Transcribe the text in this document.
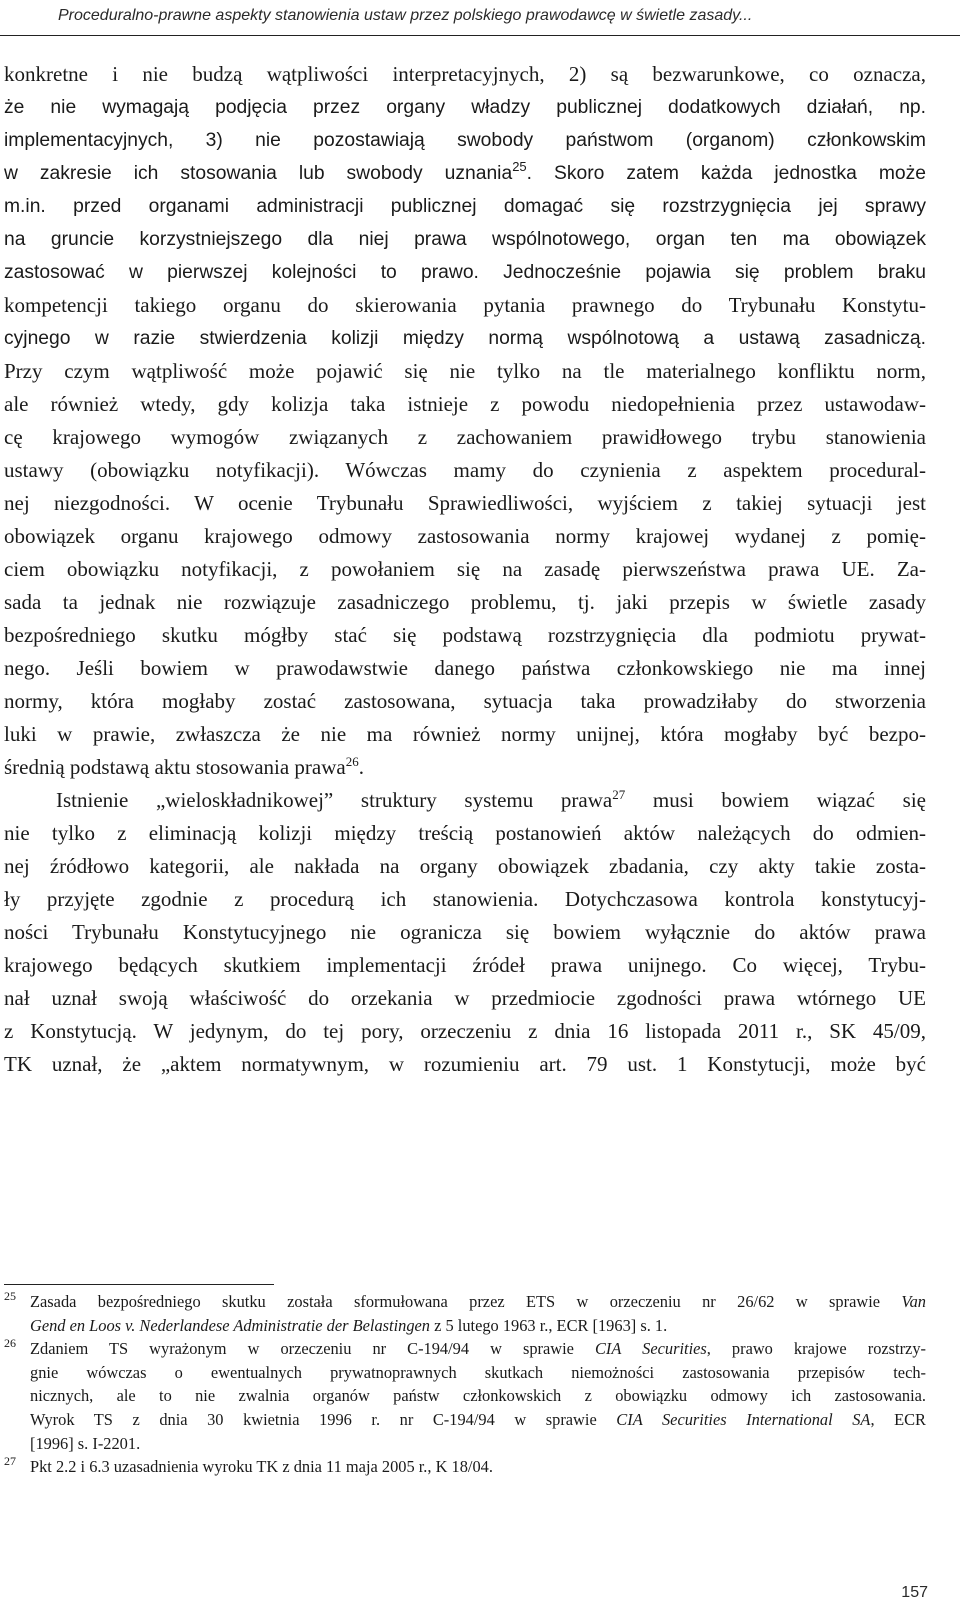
Proceduralno-prawne aspekty stanowienia ustaw przez polskiego prawodawcę w świetle zasady...
konkretne i nie budzą wątpliwości interpretacyjnych, 2) są bezwarunkowe, co oznacza,
że nie wymagają podjęcia przez organy władzy publicznej dodatkowych działań, np.
implementacyjnych, 3) nie pozostawiają swobody państwom (organom) członkowskim
w zakresie ich stosowania lub swobody uznania$^{25}$. Skoro zatem każda jednostka może
m.in. przed organami administracji publicznej domagać się rozstrzygnięcia jej sprawy
na gruncie korzystniejszego dla niej prawa wspólnotowego, organ ten ma obowiązek
zastosować w pierwszej kolejności to prawo. Jednocześnie pojawia się problem braku
kompetencji takiego organu do skierowania pytania prawnego do Trybunału Konstytu-
cyjnego w razie stwierdzenia kolizji między normą wspólnotową a ustawą zasadniczą.
Przy czym wątpliwość może pojawić się nie tylko na tle materialnego konfliktu norm,
ale również wtedy, gdy kolizja taka istnieje z powodu niedopełnienia przez ustawodaw-
cę krajowego wymogów związanych z zachowaniem prawidłowego trybu stanowienia
ustawy (obowiązku notyfikacji). Wówczas mamy do czynienia z aspektem procedural-
nej niezgodności. W ocenie Trybunału Sprawiedliwości, wyjściem z takiej sytuacji jest
obowiązek organu krajowego odmowy zastosowania normy krajowej wydanej z pomię-
ciem obowiązku notyfikacji, z powołaniem się na zasadę pierwszeństwa prawa UE. Za-
sada ta jednak nie rozwiązuje zasadniczego problemu, tj. jaki przepis w świetle zasady
bezpośredniego skutku mógłby stać się podstawą rozstrzygnięcia dla podmiotu prywat-
nego. Jeśli bowiem w prawodawstwie danego państwa członkowskiego nie ma innej
normy, która mogłaby zostać zastosowana, sytuacja taka prowadziłaby do stworzenia
luki w prawie, zwłaszcza że nie ma również normy unijnej, która mogłaby być bezpo-
średnią podstawą aktu stosowania prawa$^{26}$.
Istnienie „wieloskładnikowej” struktury systemu prawa$^{27}$ musi bowiem wiązać się
nie tylko z eliminacją kolizji między treścią postanowień aktów należących do odmien-
nej źródłowo kategorii, ale nakłada na organy obowiązek zbadania, czy akty takie zosta-
ły przyjęte zgodnie z procedurą ich stanowienia. Dotychczasowa kontrola konstytucyj-
ności Trybunału Konstytucyjnego nie ogranicza się bowiem wyłącznie do aktów prawa
krajowego będących skutkiem implementacji źródeł prawa unijnego. Co więcej, Trybu-
nał uznał swoją właściwość do orzekania w przedmiocie zgodności prawa wtórnego UE
z Konstytucją. W jedynym, do tej pory, orzeczeniu z dnia 16 listopada 2011 r., SK 45/09,
TK uznał, że „aktem normatywnym, w rozumieniu art. 79 ust. 1 Konstytucji, może być
25 Zasada bezpośredniego skutku została sformułowana przez ETS w orzeczeniu nr 26/62 w sprawie Van
Gend en Loos v. Nederlandese Administratie der Belastingen z 5 lutego 1963 r., ECR [1963] s. 1.
26 Zdaniem TS wyrażonym w orzeczeniu nr C-194/94 w sprawie CIA Securities, prawo krajowe rozstrzy-
gnie wówczas o ewentualnych prywatnoprawnych skutkach niemożności zastosowania przepisów tech-
nicznych, ale to nie zwalnia organów państw członkowskich z obowiązku odmowy ich zastosowania.
Wyrok TS z dnia 30 kwietnia 1996 r. nr C-194/94 w sprawie CIA Securities International SA, ECR
[1996] s. I-2201.
27 Pkt 2.2 i 6.3 uzasadnienia wyroku TK z dnia 11 maja 2005 r., K 18/04.
157
